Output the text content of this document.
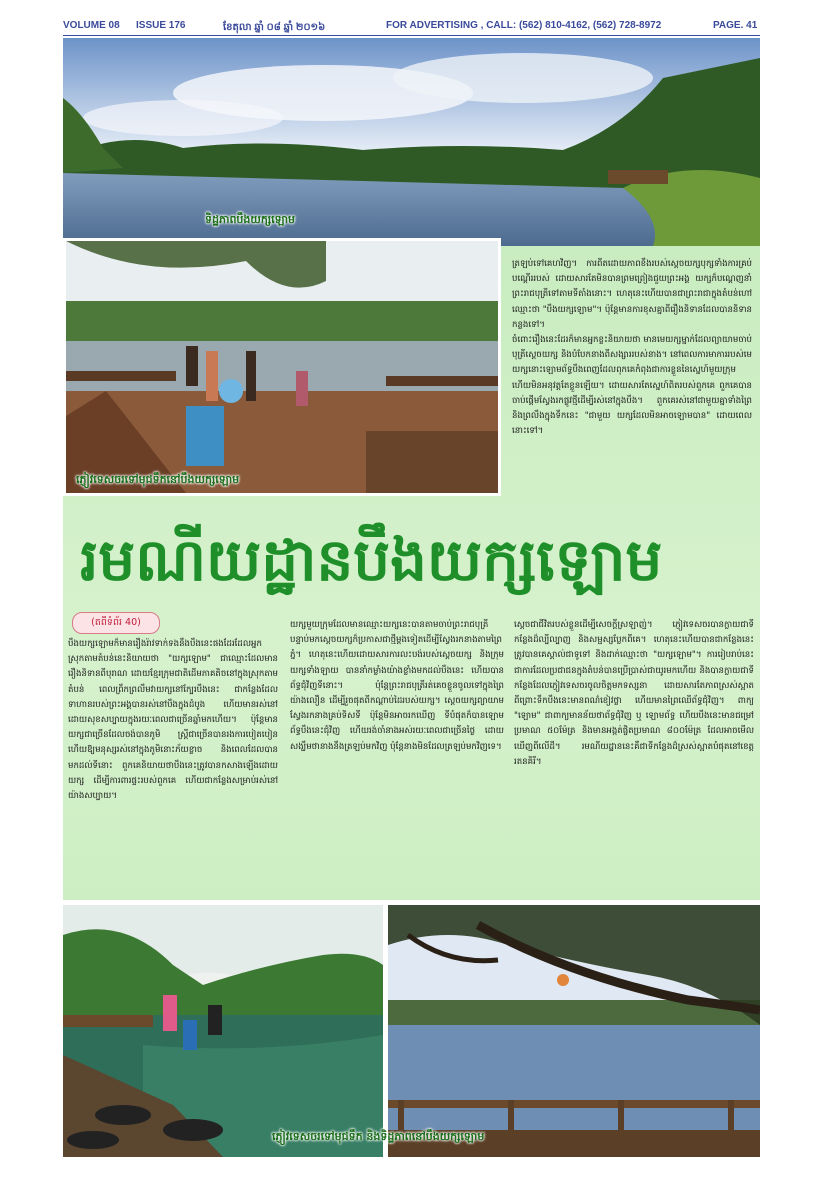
VOLUME 08 ISSUE 176	ខែតុលា ឆ្នាំ ០៨ ឆ្នាំ ២០១៦	FOR ADVERTISING , CALL: (562) 810-4162, (562) 728-8972	PAGE. 41
ទិដ្ឋភាពបឹងយក្សឡោម
ភ្ញៀវទេសចរទៅមុជទឹកនៅបឹងយក្សឡោម
ត្រឡប់ទៅគេហវិញ។ ការពីតដោយភាពខឹងរបស់ស្តេចយក្សបុក្សទាំងការគ្រប់បណ្តើររបស់ ដោយសារតែមិនបានព្រមព្រៀងជួយព្រះអង្គ យក្សក៏បណ្តេញនាំព្រះរាជបុត្រីទៅតាមទីតាំងនោះ។ ហេតុនេះហើយបានជាព្រះរាជាក្នុងតំបន់ហៅឈ្មោះថា "បឹងយក្សឡោម"។ ប៉ុន្តែមានការខុសគ្នាពីរឿងនិទានដែលបាននិទានកន្លងទៅ។
ចំពោះរឿងនេះដែរក៏មានអ្នកខ្លះនិយាយថា មានមេយក្សម្នាក់ដែលព្យាយាមចាប់បុត្រីស្តេចយក្ស និងបំបែកនាងពីសង្សាររបស់នាង។ នៅពេលការមាការរបស់មេយក្សនោះឡោមព័ទ្ធបឹងពេញដែលពុកគេកំពុងជាការខ្លួននៃស្នេហ៍មួយក្រុម ហើយមិនអនុវត្តតែខ្លួនឡើយ។ ដោយសារតែស្នេហ៍ពិតរបស់ពួកគេ ពួកគេបានចាប់ផ្តើមស្វែងរកផ្លូវថ្មីដើម្បីរស់នៅក្នុងបឹង។ ពួកគេរស់នៅជាមួយគ្នាទាំងព្រៃ និងព្រលឹងក្នុងទឹកនេះ "ជាមួយ យក្សដែលមិនអាចឡោមបាន" ដោយពេលនោះទៅ។
រមណីយដ្ឋានបឹងយក្សឡោម
(តពីទំព័រ 40)
បឹងយក្សឡោមក៏មានរឿងរ៉ាវទាក់ទងនឹងបឹងនេះផងដែរដែលអ្នកស្រុកតាមតំបន់នេះនិយាយថា "យក្សឡោម" ជាឈ្មោះដែលមានរឿងនិទានពីបុរាណ ដោយខ្មែរក្រុមជាតិដើមភាគតិចនៅក្នុងស្រុកតាមតំបន់ ពេលព្រឹកព្រលឹមវាយក្សនៅក្បែរបឹងនេះ ជាកន្លែងដែលទាហានរបស់ព្រះអង្គបានរស់នៅបឹងក្នុងដំបូង ហើយមានរស់នៅដោយសុខសប្បាយក្នុងរយៈពេលជាច្រើនឆ្នាំមកហើយ។ ប៉ុន្តែមានយក្សជាច្រើនដែលចង់បានភូមិ ស្ត្រីជាច្រើនបានរងការបៀតបៀន ហើយឱ្យមនុស្សរស់នៅក្នុងភូមិនោះភ័យខ្លាច និងពេលដែលបានមកដល់ទីនោះ ពួកគេនិយាយថាបឹងនេះត្រូវបានកសាងឡើងដោយយក្ស ដើម្បីការពារផ្ទះរបស់ពួកគេ ហើយជាកន្លែងសម្រាប់រស់នៅយ៉ាងសប្បាយ។
យក្សមួយក្រុមដែលមានឈ្មោះយក្សនេះបានតាមចាប់ព្រះរាជបុត្រី បន្ទាប់មកស្តេចយក្សក៏ប្រកាសជាថ្មីម្តងទៀតដើម្បីស្វែងរកនាងតាមព្រៃភ្នំ។ ហេតុនេះហើយដោយសារការលះបង់របស់ស្តេចយក្ស និងក្រុមយក្សទាំងឡាយ បាននាំកម្លាំងយ៉ាងខ្លាំងមកដល់បឹងនេះ ហើយបានព័ទ្ធជុំវិញទីនោះ។ ប៉ុន្តែព្រះរាជបុត្រីរត់គេចខ្លួនចូលទៅក្នុងព្រៃយ៉ាងលឿន ដើម្បីរួចផុតពីកណ្តាប់ដៃរបស់យក្ស។ ស្តេចយក្សព្យាយាមស្វែងរកនាងគ្រប់ទិសទី ប៉ុន្តែមិនអាចរកឃើញ ទីបំផុតក៏បានឡោមព័ទ្ធបឹងនេះជុំវិញ ហើយរង់ចាំនាងអស់រយៈពេលជាច្រើនថ្ងៃ ដោយសង្ឃឹមថានាងនឹងត្រឡប់មកវិញ ប៉ុន្តែនាងមិនដែលត្រឡប់មកវិញទេ។
ស្តេចជាជីវិតរបស់ខ្លួនដើម្បីសេចក្តីស្រឡាញ់។ ភ្ញៀវទេសចរបានក្លាយជាទីកន្លែងដ៏ល្បីល្បាញ និងសម្ផស្សប្លែកពីគេ។ ហេតុនេះហើយបានជាកន្លែងនេះត្រូវបានគេស្គាល់ជាទូទៅ និងដាក់ឈ្មោះថា "យក្សឡោម"។ ការរៀបរាប់នេះជាការដែលប្រជាជនក្នុងតំបន់បានប្រើប្រាស់ជាយូរមកហើយ និងបានក្លាយជាទីកន្លែងដែលភ្ញៀវទេសចរចូលចិត្តមកទស្សនា ដោយសារតែភាពស្រស់ស្អាត ពីព្រោះទឹកបឹងនេះមានពណ៌ខៀវថ្លា ហើយមានព្រៃឈើព័ទ្ធជុំវិញ។ ពាក្យ "ឡោម" ជាពាក្យមានន័យថាព័ទ្ធជុំវិញ ឬ ឡោមព័ទ្ធ ហើយបឹងនេះមានជម្រៅប្រមាណ ៥០ម៉ែត្រ និងមានអង្កត់ផ្ចិតប្រមាណ ៨០០ម៉ែត្រ ដែលអាចមើលឃើញពីលើដី។ រមណីយដ្ឋាននេះគឺជាទីកន្លែងដ៏ស្រស់ស្អាតបំផុតនៅខេត្តរតនគិរី។
ភ្ញៀវទេសចរទៅមុជទឹក និងទិដ្ឋភាពនៅបឹងយក្សឡោម
